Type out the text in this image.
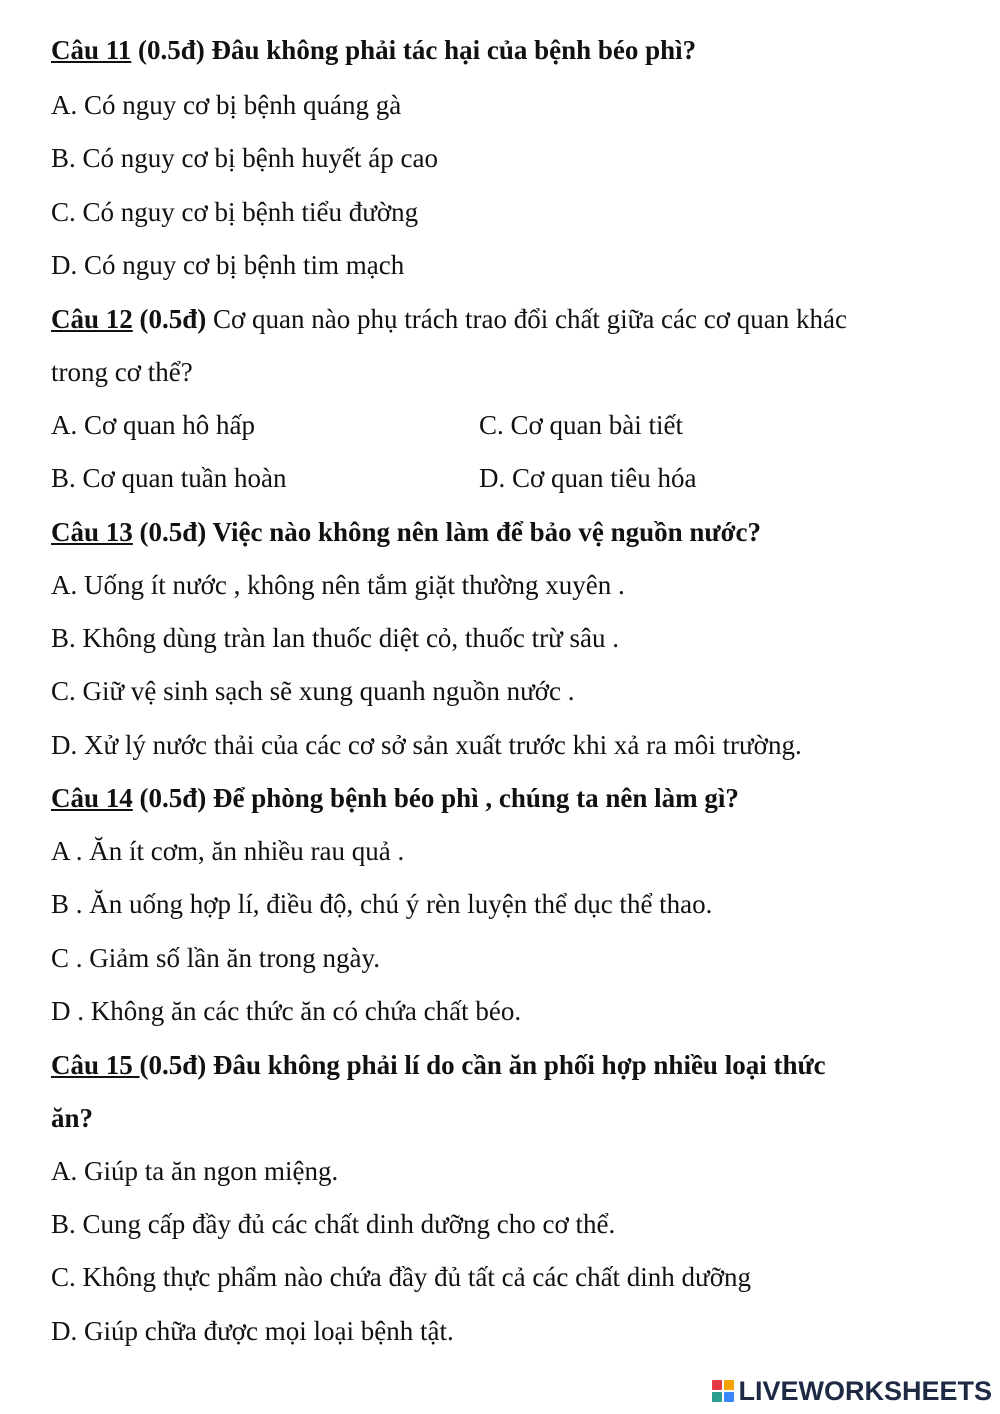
Câu 11 (0.5đ) Đâu không phải tác hại của bệnh béo phì?
A. Có nguy cơ bị bệnh quáng gà
B. Có nguy cơ bị bệnh huyết áp cao
C. Có nguy cơ bị bệnh tiểu đường
D. Có nguy cơ bị bệnh tim mạch
Câu 12 (0.5đ) Cơ quan nào phụ trách trao đổi chất giữa các cơ quan khác
trong cơ thể?
A. Cơ quan hô hấp	C. Cơ quan bài tiết
B. Cơ quan tuần hoàn	D. Cơ quan tiêu hóa
Câu 13 (0.5đ) Việc nào không nên làm để bảo vệ nguồn nước?
A. Uống ít nước , không nên tắm giặt thường xuyên .
B. Không dùng tràn lan thuốc diệt cỏ, thuốc trừ sâu .
C. Giữ vệ sinh sạch sẽ xung quanh nguồn nước .
D. Xử lý nước thải của các cơ sở sản xuất trước khi xả ra môi trường.
Câu 14 (0.5đ) Để phòng bệnh béo phì , chúng ta nên làm gì?
A . Ăn ít cơm, ăn nhiều rau quả .
B . Ăn uống hợp lí, điều độ, chú ý rèn luyện thể dục thể thao.
C . Giảm số lần ăn trong ngày.
D . Không ăn các thức ăn có chứa chất béo.
Câu 15 (0.5đ) Đâu không phải lí do cần ăn phối hợp nhiều loại thức
ăn?
A. Giúp ta ăn ngon miệng.
B. Cung cấp đầy đủ các chất dinh dưỡng cho cơ thể.
C. Không thực phẩm nào chứa đầy đủ tất cả các chất dinh dưỡng
D. Giúp chữa được mọi loại bệnh tật.
LIVEWORKSHEETS
